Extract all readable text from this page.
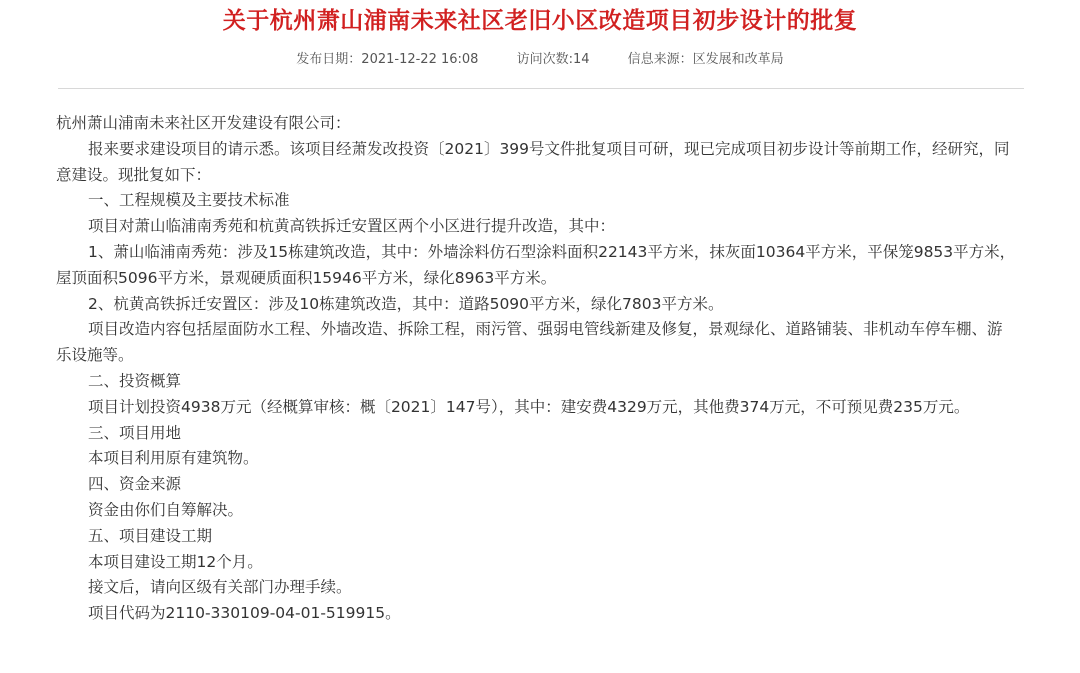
关于杭州萧山浦南未来社区老旧小区改造项目初步设计的批复
发布日期：2021-12-22 16:08	访问次数:14	信息来源：区发展和改革局

杭州萧山浦南未来社区开发建设有限公司：

报来要求建设项目的请示悉。该项目经萧发改投资〔2021〕399号文件批复项目可研，现已完成项目初步设计等前期工作，经研究，同意建设。现批复如下：

一、工程规模及主要技术标准

项目对萧山临浦南秀苑和杭黄高铁拆迁安置区两个小区进行提升改造，其中：

1、萧山临浦南秀苑：涉及15栋建筑改造，其中：外墙涂料仿石型涂料面积22143平方米，抹灰面10364平方米，平保笼9853平方米，屋顶面积5096平方米，景观硬质面积15946平方米，绿化8963平方米。

2、杭黄高铁拆迁安置区：涉及10栋建筑改造，其中：道路5090平方米，绿化7803平方米。

项目改造内容包括屋面防水工程、外墙改造、拆除工程，雨污管、强弱电管线新建及修复，景观绿化、道路铺装、非机动车停车棚、游乐设施等。

二、投资概算

项目计划投资4938万元（经概算审核：概〔2021〕147号），其中：建安费4329万元，其他费374万元，不可预见费235万元。

三、项目用地

本项目利用原有建筑物。

四、资金来源

资金由你们自筹解决。

五、项目建设工期

本项目建设工期12个月。

接文后，请向区级有关部门办理手续。

项目代码为2110-330109-04-01-519915。
